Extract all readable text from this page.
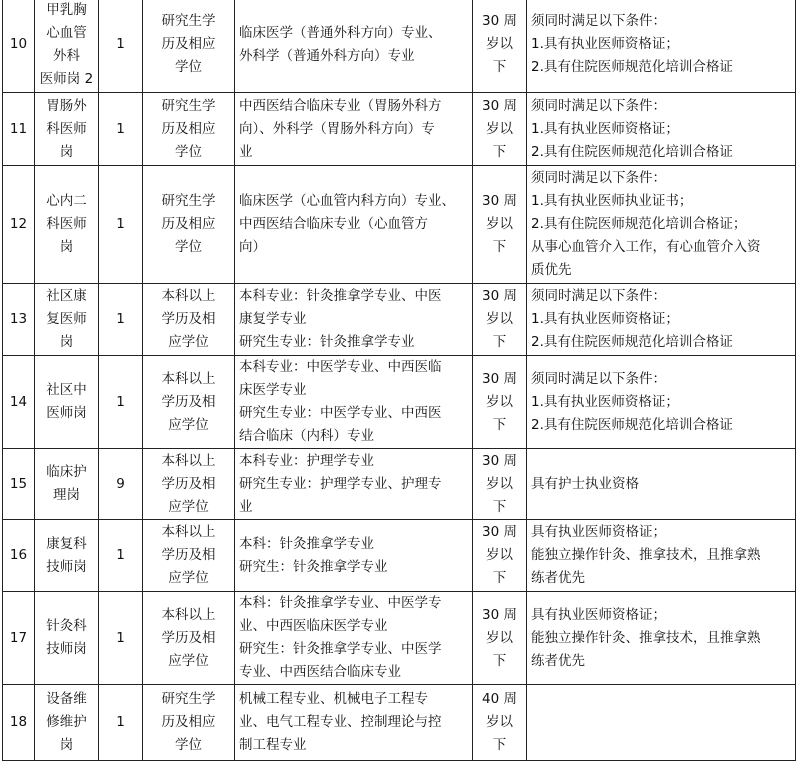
10	甲乳胸
心血管
外科
医师岗 2	1	研究生学
历及相应
学位	临床医学（普通外科方向）专业、
外科学（普通外科方向）专业	30 周
岁以
下	须同时满足以下条件：
1.具有执业医师资格证；
2.具有住院医师规范化培训合格证

11	胃肠外
科医师
岗	1	研究生学
历及相应
学位	中西医结合临床专业（胃肠外科方
向）、外科学（胃肠外科方向）专
业	30 周
岁以
下	须同时满足以下条件：
1.具有执业医师资格证；
2.具有住院医师规范化培训合格证

12	心内二
科医师
岗	1	研究生学
历及相应
学位	临床医学（心血管内科方向）专业、
中西医结合临床专业（心血管方
向）	30 周
岁以
下	须同时满足以下条件：
1.具有执业医师执业证书；
2.具有住院医师规范化培训合格证；
从事心血管介入工作，有心血管介入资
质优先

13	社区康
复医师
岗	1	本科以上
学历及相
应学位	本科专业：针灸推拿学专业、中医
康复学专业
研究生专业：针灸推拿学专业	30 周
岁以
下	须同时满足以下条件：
1.具有执业医师资格证；
2.具有住院医师规范化培训合格证

14	社区中
医师岗	1	本科以上
学历及相
应学位	本科专业：中医学专业、中西医临
床医学专业
研究生专业：中医学专业、中西医
结合临床（内科）专业	30 周
岁以
下	须同时满足以下条件：
1.具有执业医师资格证；
2.具有住院医师规范化培训合格证

15	临床护
理岗	9	本科以上
学历及相
应学位	本科专业：护理学专业
研究生专业：护理学专业、护理专
业	30 周
岁以
下	具有护士执业资格

16	康复科
技师岗	1	本科以上
学历及相
应学位	本科：针灸推拿学专业
研究生：针灸推拿学专业	30 周
岁以
下	具有执业医师资格证；
能独立操作针灸、推拿技术，且推拿熟
练者优先

17	针灸科
技师岗	1	本科以上
学历及相
应学位	本科：针灸推拿学专业、中医学专
业、中西医临床医学专业
研究生：针灸推拿学专业、中医学
专业、中西医结合临床专业	30 周
岁以
下	具有执业医师资格证；
能独立操作针灸、推拿技术，且推拿熟
练者优先

18	设备维
修维护
岗	1	研究生学
历及相应
学位	机械工程专业、机械电子工程专
业、电气工程专业、控制理论与控
制工程专业	40 周
岁以
下	
